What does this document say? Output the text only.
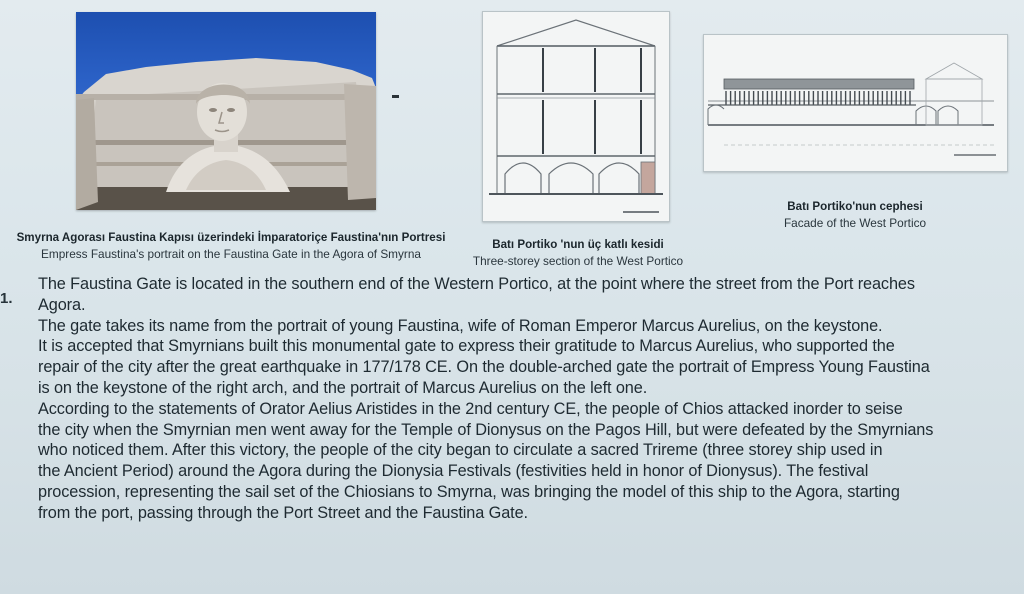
Smyrna Agorası Faustina Kapısı üzerindeki İmparatoriçe Faustina'nın Portresi
Empress Faustina's portrait on the Faustina Gate in the Agora of Smyrna
Batı Portiko 'nun üç katlı kesidi
Three-storey section of the West Portico
Batı Portiko'nun cephesi
Facade of the West Portico
1.

The Faustina Gate is located in the southern end of the Western Portico, at the point where the street from the Port reaches

Agora.

The gate takes its name from the portrait of young Faustina, wife of Roman Emperor Marcus Aurelius, on the keystone.

It is accepted that Smyrnians built this monumental gate to express their gratitude to Marcus Aurelius, who supported the

repair of the city after the great earthquake in 177/178 CE. On the double-arched gate the portrait of Empress Young Faustina

is on the keystone of the right arch, and the portrait of Marcus Aurelius on the left one.

According to the statements of Orator Aelius Aristides in the 2nd century CE, the people of Chios attacked inorder to seise

the city when the Smyrnian men went away for the Temple of Dionysus on the Pagos Hill, but were defeated by the Smyrnians

who noticed them. After this victory, the people of the city began to circulate a sacred Trireme (three storey ship used in

the Ancient Period) around the Agora during the Dionysia Festivals (festivities held in honor of Dionysus). The festival

procession, representing the sail set of the Chiosians to Smyrna, was bringing the model of this ship to the Agora, starting

from the port, passing through the Port Street and the Faustina Gate.
